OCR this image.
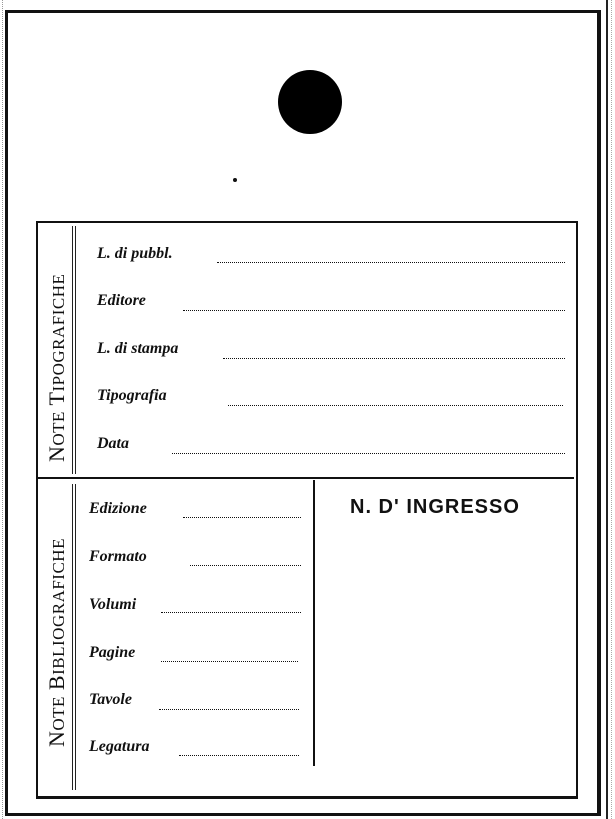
NOTE TIPOGRAFICHE
NOTE BIBLIOGRAFICHE
L. di pubbl.
Editore
L. di stampa
Tipografia
Data
Edizione
Formato
Volumi
Pagine
Tavole
Legatura
N. D' INGRESSO
